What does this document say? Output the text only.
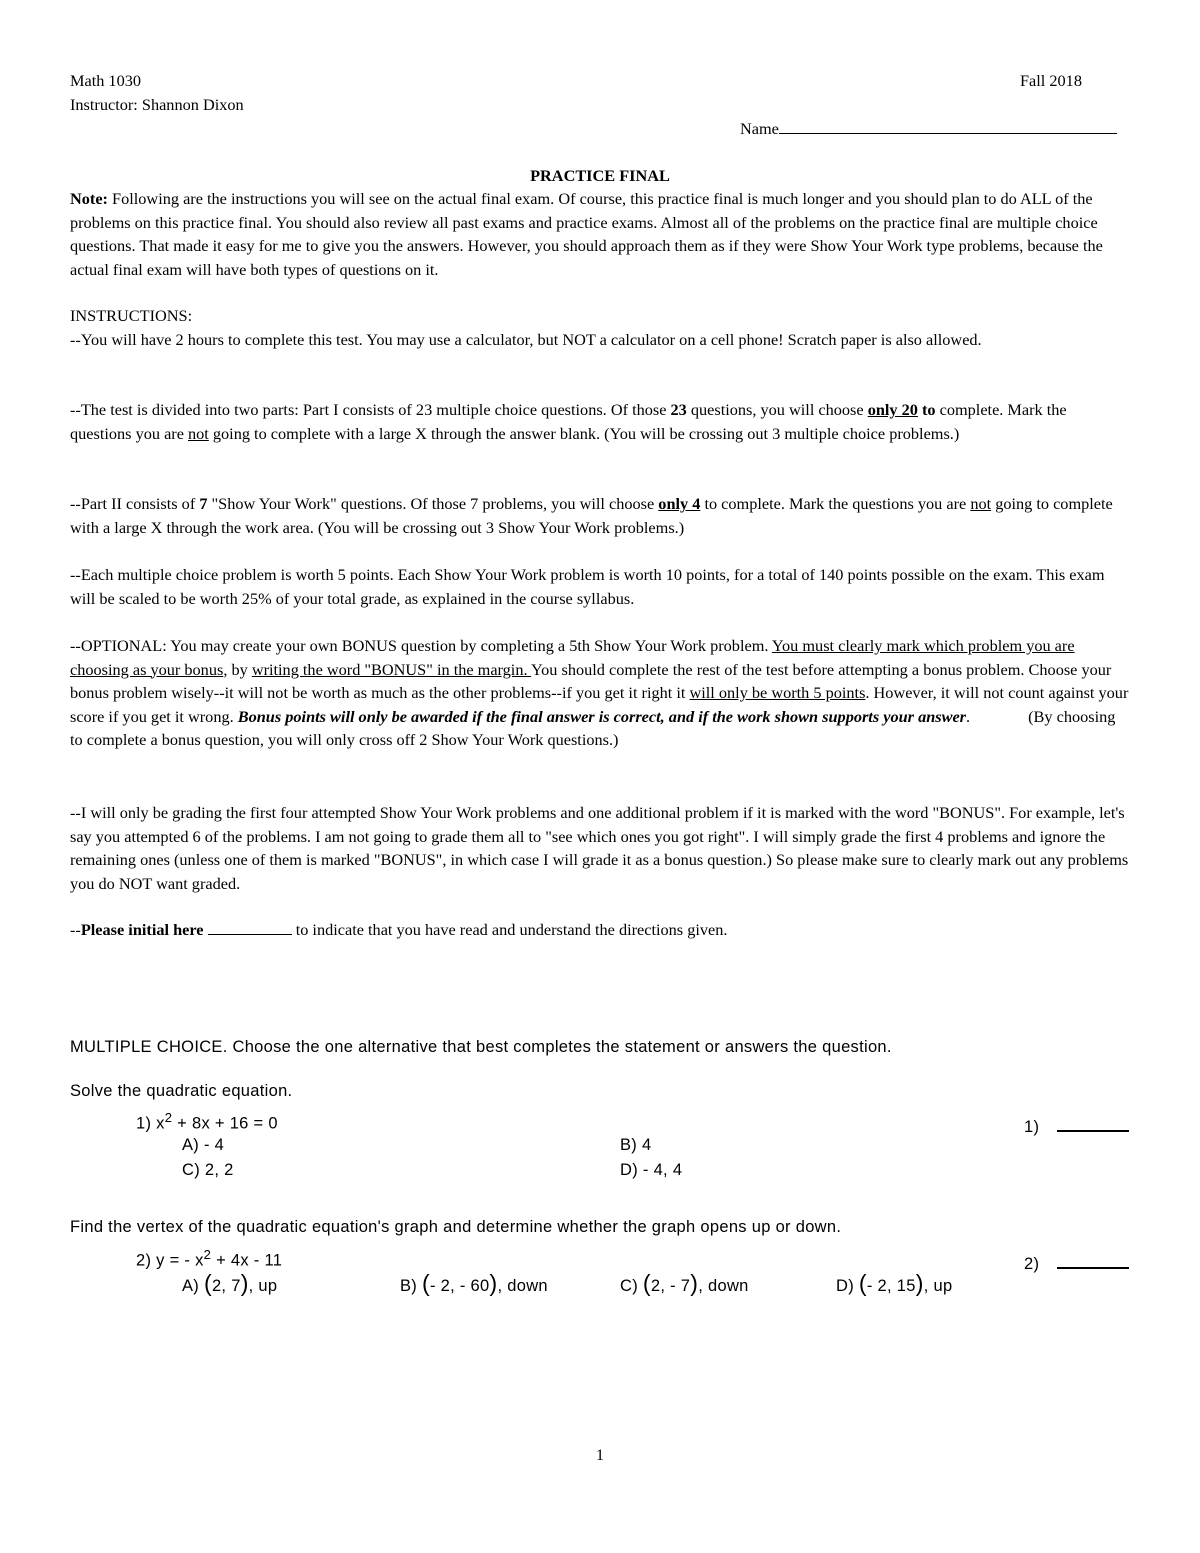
Math 1030	Fall 2018
Instructor: Shannon Dixon
Name
PRACTICE FINAL

Note: Following are the instructions you will see on the actual final exam. Of course, this practice final is much longer and you should plan to do ALL of the problems on this practice final. You should also review all past exams and practice exams. Almost all of the problems on the practice final are multiple choice questions. That made it easy for me to give you the answers. However, you should approach them as if they were Show Your Work type problems, because the actual final exam will have both types of questions on it.

INSTRUCTIONS:

--You will have 2 hours to complete this test. You may use a calculator, but NOT a calculator on a cell phone! Scratch paper is also allowed.

--The test is divided into two parts: Part I consists of 23 multiple choice questions. Of those 23 questions, you will choose only 20 to complete. Mark the questions you are not going to complete with a large X through the answer blank. (You will be crossing out 3 multiple choice problems.)

--Part II consists of 7 "Show Your Work" questions. Of those 7 problems, you will choose only 4 to complete. Mark the questions you are not going to complete with a large X through the work area. (You will be crossing out 3 Show Your Work problems.)

--Each multiple choice problem is worth 5 points. Each Show Your Work problem is worth 10 points, for a total of 140 points possible on the exam. This exam will be scaled to be worth 25% of your total grade, as explained in the course syllabus.

--OPTIONAL: You may create your own BONUS question by completing a 5th Show Your Work problem. You must clearly mark which problem you are choosing as your bonus, by writing the word "BONUS" in the margin. You should complete the rest of the test before attempting a bonus problem. Choose your bonus problem wisely--it will not be worth as much as the other problems--if you get it right it will only be worth 5 points. However, it will not count against your score if you get it wrong. Bonus points will only be awarded if the final answer is correct, and if the work shown supports your answer.	(By choosing to complete a bonus question, you will only cross off 2 Show Your Work questions.)

--I will only be grading the first four attempted Show Your Work problems and one additional problem if it is marked with the word "BONUS". For example, let's say you attempted 6 of the problems. I am not going to grade them all to "see which ones you got right". I will simply grade the first 4 problems and ignore the remaining ones (unless one of them is marked "BONUS", in which case I will grade it as a bonus question.) So please make sure to clearly mark out any problems you do NOT want graded.

--Please initial here	to indicate that you have read and understand the directions given.

MULTIPLE CHOICE. Choose the one alternative that best completes the statement or answers the question.
Solve the quadratic equation.
1) $x^2 + 8x + 16 = 0$	1)
A) - 4	B) 4
C) 2, 2	D) - 4, 4
Find the vertex of the quadratic equation's graph and determine whether the graph opens up or down.
2) y = - $x^2 + 4x - 11$	2)
A) (2, 7), up	B) (- 2, - 60), down	C) (2, - 7), down	D) (- 2, 15), up
1
